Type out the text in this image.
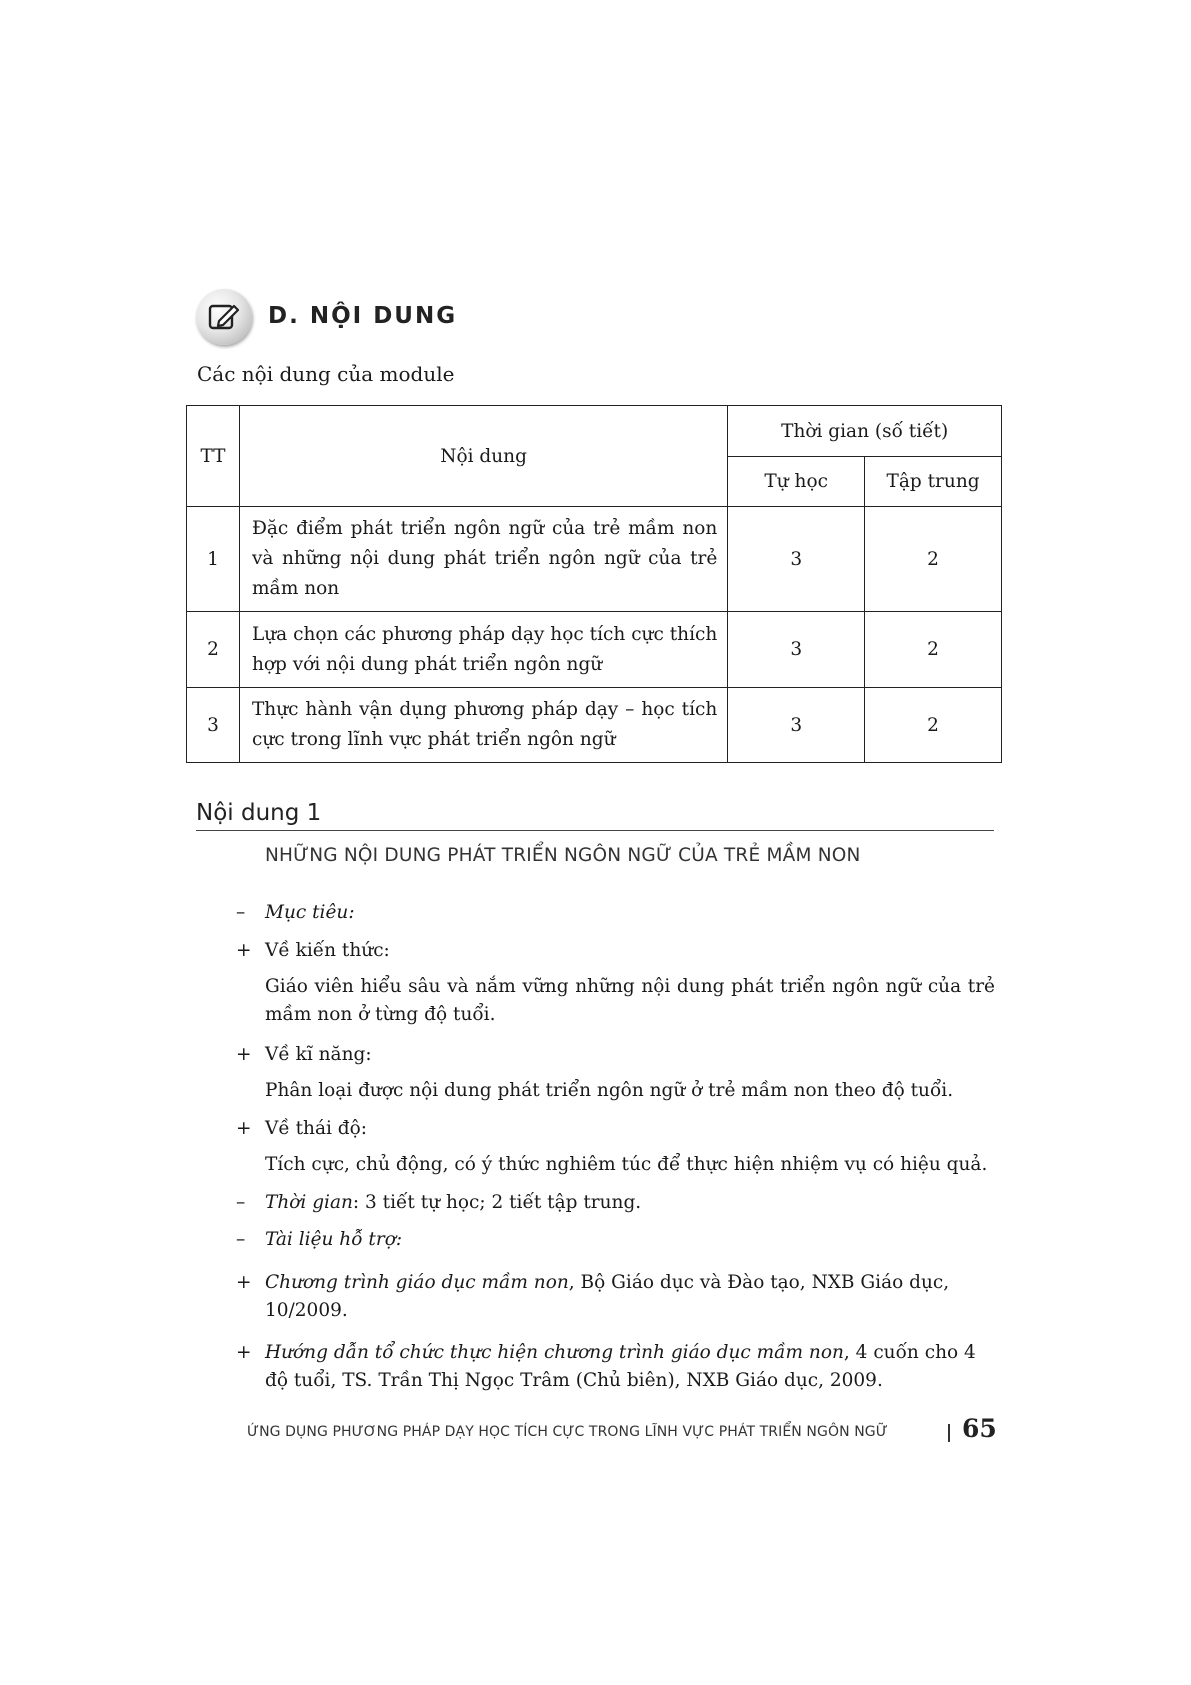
D. NỘI DUNG
Các nội dung của module
TT	Nội dung	Thời gian (số tiết)	
		Tự học	Tập trung
1	Đặc điểm phát triển ngôn ngữ của trẻ mầm non và những nội dung phát triển ngôn ngữ của trẻ mầm non	3	2
2	Lựa chọn các phương pháp dạy học tích cực thích hợp với nội dung phát triển ngôn ngữ	3	2
3	Thực hành vận dụng phương pháp dạy – học tích cực trong lĩnh vực phát triển ngôn ngữ	3	2
Nội dung 1
NHỮNG NỘI DUNG PHÁT TRIỂN NGÔN NGỮ CỦA TRẺ MẦM NON
– Mục tiêu:
+ Về kiến thức:
Giáo viên hiểu sâu và nắm vững những nội dung phát triển ngôn ngữ của trẻ mầm non ở từng độ tuổi.
+ Về kĩ năng:
Phân loại được nội dung phát triển ngôn ngữ ở trẻ mầm non theo độ tuổi.
+ Về thái độ:
Tích cực, chủ động, có ý thức nghiêm túc để thực hiện nhiệm vụ có hiệu quả.
– Thời gian: 3 tiết tự học; 2 tiết tập trung.
– Tài liệu hỗ trợ:
+ Chương trình giáo dục mầm non, Bộ Giáo dục và Đào tạo, NXB Giáo dục, 10/2009.
+ Hướng dẫn tổ chức thực hiện chương trình giáo dục mầm non, 4 cuốn cho 4 độ tuổi, TS. Trần Thị Ngọc Trâm (Chủ biên), NXB Giáo dục, 2009.
ỨNG DỤNG PHƯƠNG PHÁP DẠY HỌC TÍCH CỰC TRONG LĨNH VỰC PHÁT TRIỂN NGÔN NGỮ	65
